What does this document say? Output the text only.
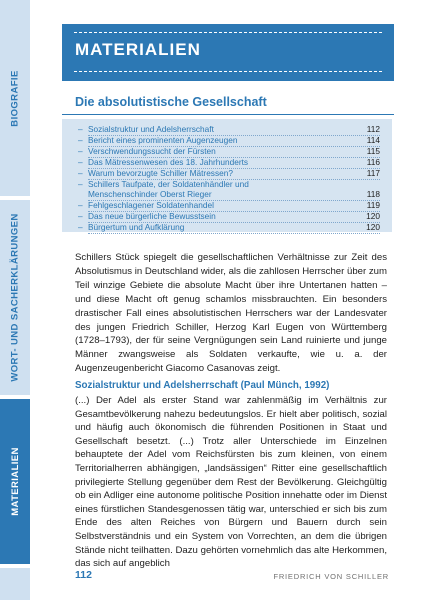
BIOGRAFIE
WORT- UND SACHERKLÄRUNGEN
MATERIALIEN
MATERIALIEN
Die absolutistische Gesellschaft
– Sozialstruktur und Adelsherrschaft	112
– Bericht eines prominenten Augenzeugen	114
– Verschwendungssucht der Fürsten	115
– Das Mätressenwesen des 18. Jahrhunderts	116
– Warum bevorzugte Schiller Mätressen?	117
– Schillers Taufpate, der Soldatenhändler und
Menschenschinder Oberst Rieger	118
– Fehlgeschlagener Soldatenhandel	119
– Das neue bürgerliche Bewusstsein	120
– Bürgertum und Aufklärung	120

Schillers Stück spiegelt die gesellschaftlichen Verhältnisse zur Zeit des Absolutismus in Deutschland wider, als die zahllosen Herrscher über zum Teil winzige Gebiete die absolute Macht über ihre Untertanen hatten – und diese Macht oft genug schamlos missbrauchten. Ein besonders drastischer Fall eines absolutistischen Herrschers war der Landesvater des jungen Friedrich Schiller, Herzog Karl Eugen von Württemberg (1728–1793), der für seine Vergnügungen sein Land ruinierte und junge Männer zwangsweise als Soldaten verkaufte, wie u. a. der Augenzeugenbericht Giacomo Casanovas zeigt.

Sozialstruktur und Adelsherrschaft (Paul Münch, 1992)

(...) Der Adel als erster Stand war zahlenmäßig im Verhältnis zur Gesamtbevölkerung nahezu bedeutungslos. Er hielt aber politisch, sozial und häufig auch ökonomisch die führenden Positionen in Staat und Gesellschaft besetzt. (...) Trotz aller Unterschiede im Einzelnen behauptete der Adel vom Reichsfürsten bis zum kleinen, von einem Territorialherren abhängigen, „landsässigen“ Ritter eine gesellschaftlich privilegierte Stellung gegenüber dem Rest der Bevölkerung. Gleichgültig ob ein Adliger eine autonome politische Position innehatte oder im Dienst eines fürstlichen Standesgenossen tätig war, unterschied er sich bis zum Ende des alten Reiches von Bürgern und Bauern durch sein Selbstverständnis und ein System von Vorrechten, an dem die übrigen Stände nicht teilhatten. Dazu gehörten vornehmlich das alte Herkommen, das sich auf angeblich

112	FRIEDRICH VON SCHILLER
